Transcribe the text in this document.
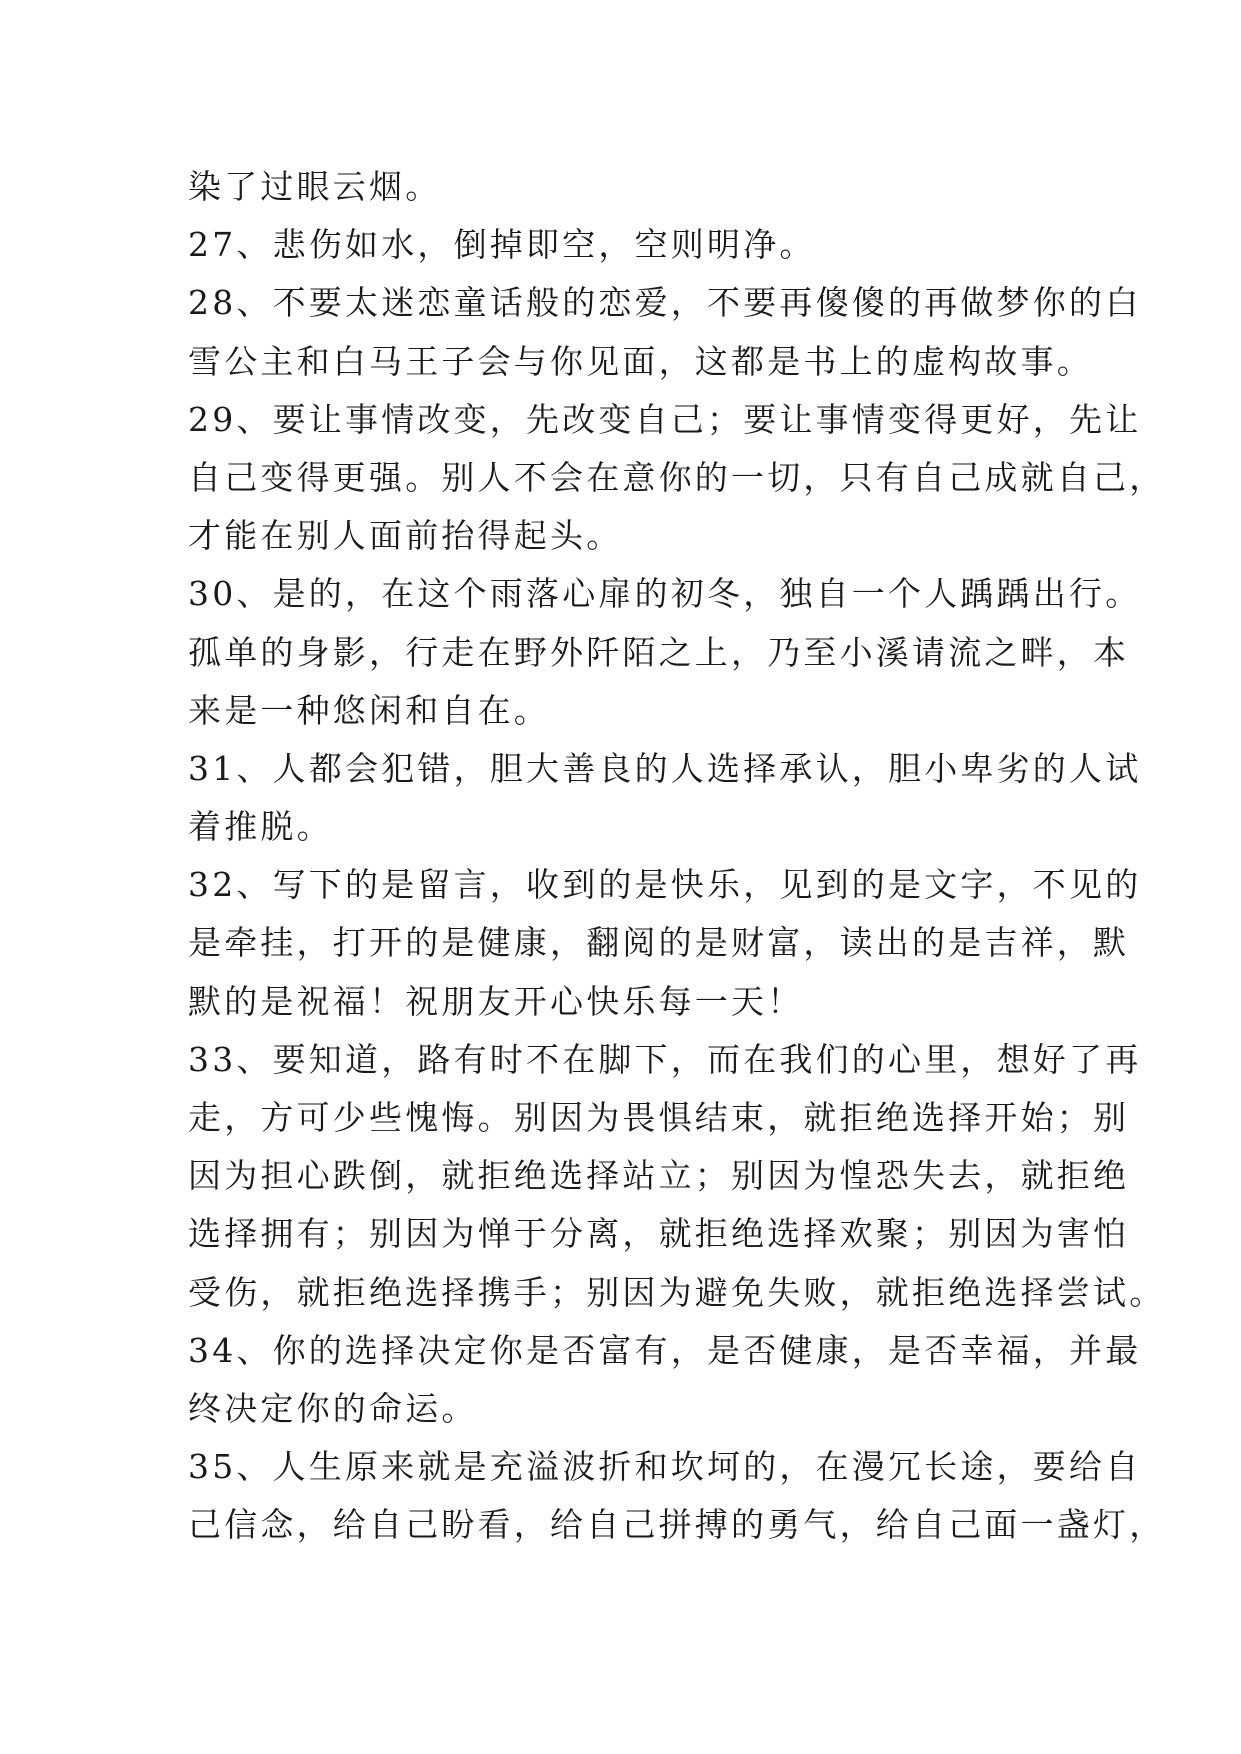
染了过眼云烟。
27、悲伤如水，倒掉即空，空则明净。
28、不要太迷恋童话般的恋爱，不要再傻傻的再做梦你的白
雪公主和白马王子会与你见面，这都是书上的虚构故事。
29、要让事情改变，先改变自己；要让事情变得更好，先让
自己变得更强。别人不会在意你的一切，只有自己成就自己，
才能在别人面前抬得起头。
30、是的，在这个雨落心扉的初冬，独自一个人踽踽出行。
孤单的身影，行走在野外阡陌之上，乃至小溪请流之畔，本
来是一种悠闲和自在。
31、人都会犯错，胆大善良的人选择承认，胆小卑劣的人试
着推脱。
32、写下的是留言，收到的是快乐，见到的是文字，不见的
是牵挂，打开的是健康，翻阅的是财富，读出的是吉祥，默
默的是祝福！祝朋友开心快乐每一天！
33、要知道，路有时不在脚下，而在我们的心里，想好了再
走，方可少些愧悔。别因为畏惧结束，就拒绝选择开始；别
因为担心跌倒，就拒绝选择站立；别因为惶恐失去，就拒绝
选择拥有；别因为惮于分离，就拒绝选择欢聚；别因为害怕
受伤，就拒绝选择携手；别因为避免失败，就拒绝选择尝试。
34、你的选择决定你是否富有，是否健康，是否幸福，并最
终决定你的命运。
35、人生原来就是充溢波折和坎坷的，在漫冗长途，要给自
己信念，给自己盼看，给自己拼搏的勇气，给自己面一盏灯，
